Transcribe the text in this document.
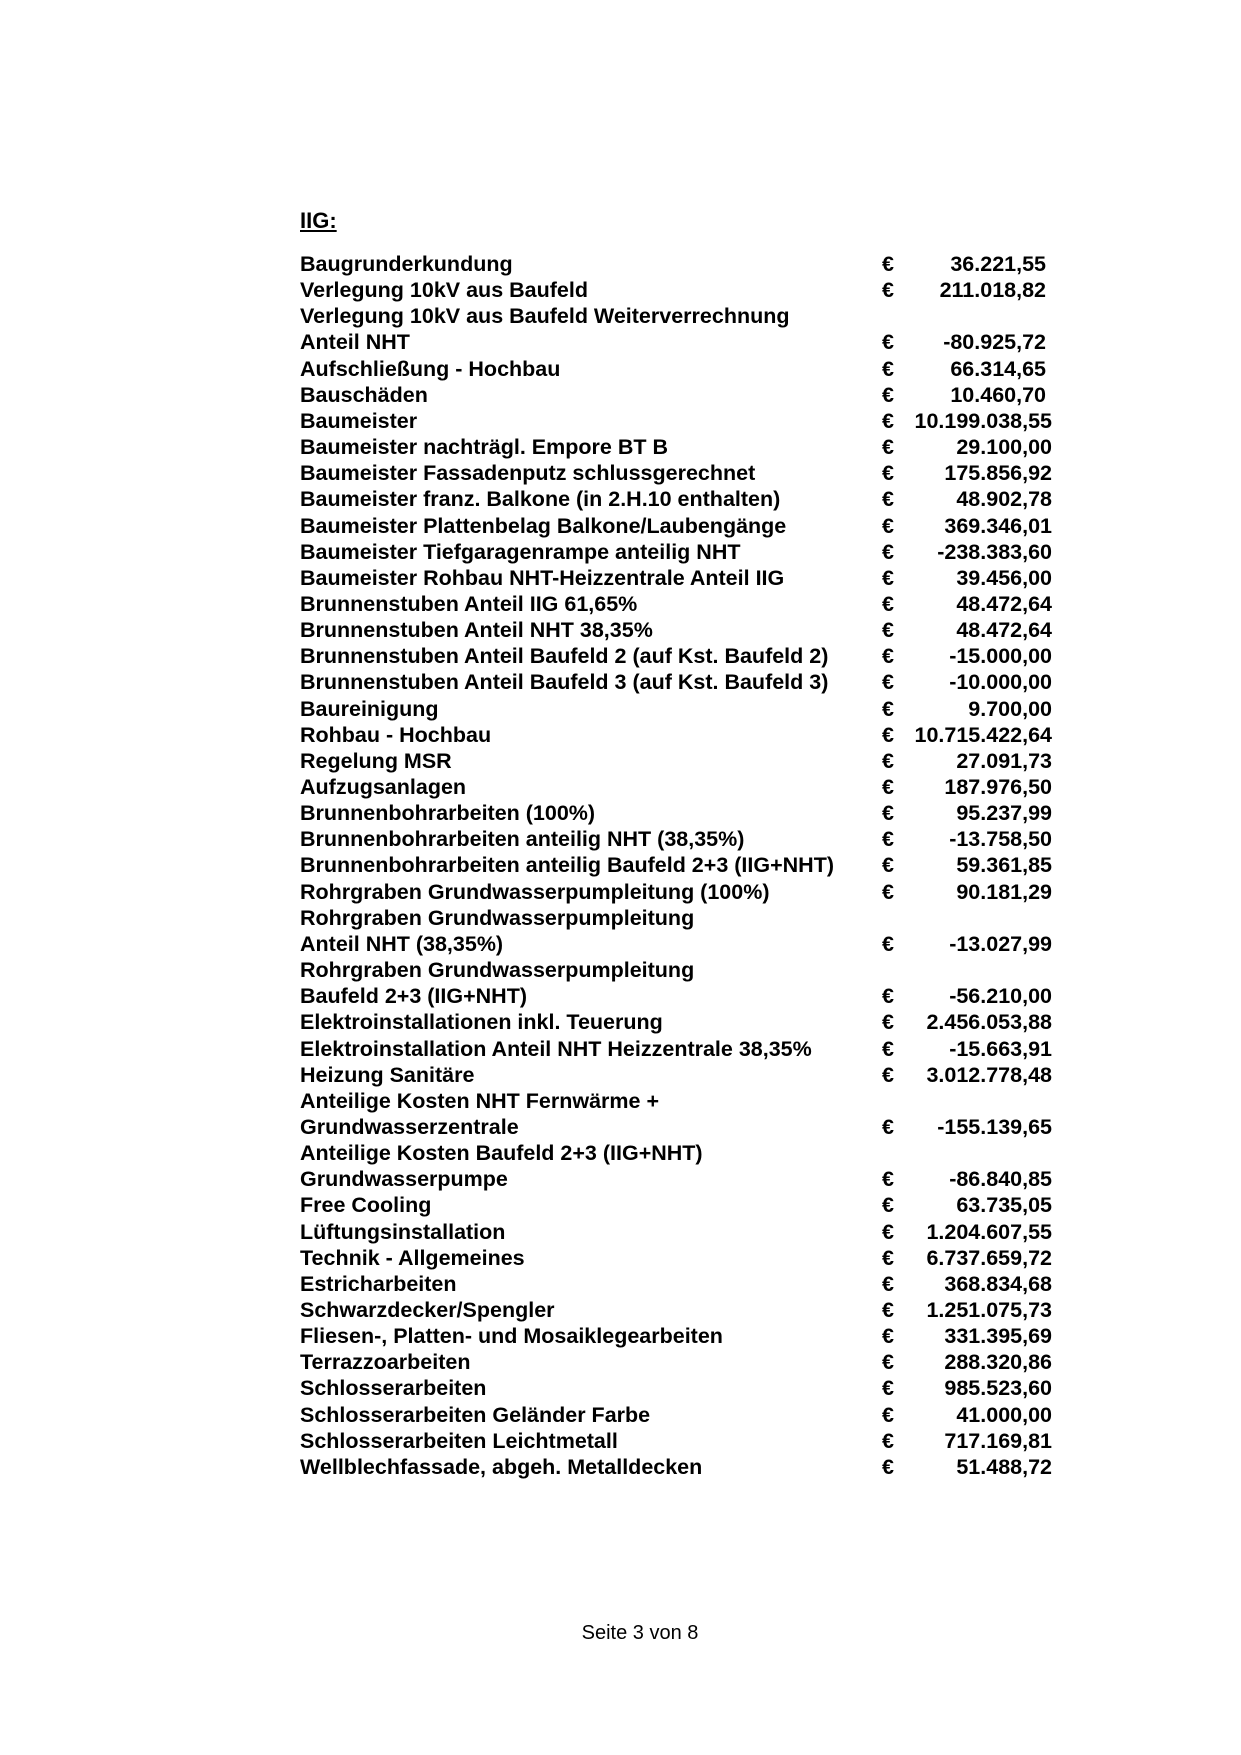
IIG:
Baugrunderkundung	€	36.221,55
Verlegung 10kV aus Baufeld	€ 211.018,82
Verlegung 10kV aus Baufeld Weiterverrechnung
Anteil NHT	€ -80.925,72
Aufschließung - Hochbau	€	66.314,65
Bauschäden	€	10.460,70
Baumeister	€ 10.199.038,55
Baumeister nachträgl. Empore BT B	€	29.100,00
Baumeister Fassadenputz schlussgerechnet	€ 175.856,92
Baumeister franz. Balkone (in 2.H.10 enthalten)	€	48.902,78
Baumeister Plattenbelag Balkone/Laubengänge	€ 369.346,01
Baumeister Tiefgaragenrampe anteilig NHT	€ -238.383,60
Baumeister Rohbau NHT-Heizzentrale Anteil IIG	€	39.456,00
Brunnenstuben Anteil IIG 61,65%	€	48.472,64
Brunnenstuben Anteil NHT 38,35%	€	48.472,64
Brunnenstuben Anteil Baufeld 2 (auf Kst. Baufeld 2) €	-15.000,00
Brunnenstuben Anteil Baufeld 3 (auf Kst. Baufeld 3) €	-10.000,00
Baureinigung	€	9.700,00
Rohbau - Hochbau	€ 10.715.422,64
Regelung MSR	€	27.091,73
Aufzugsanlagen	€ 187.976,50
Brunnenbohrarbeiten (100%)	€	95.237,99
Brunnenbohrarbeiten anteilig NHT (38,35%)	€	-13.758,50
Brunnenbohrarbeiten anteilig Baufeld 2+3 (IIG+NHT) €	59.361,85
Rohrgraben Grundwasserpumpleitung (100%)	€	90.181,29
Rohrgraben Grundwasserpumpleitung
Anteil NHT (38,35%)	€	-13.027,99
Rohrgraben Grundwasserpumpleitung
Baufeld 2+3 (IIG+NHT)	€	-56.210,00
Elektroinstallationen inkl. Teuerung	€ 2.456.053,88
Elektroinstallation Anteil NHT Heizzentrale 38,35%	€	-15.663,91
Heizung Sanitäre	€ 3.012.778,48
Anteilige Kosten NHT Fernwärme +
Grundwasserzentrale	€ -155.139,65
Anteilige Kosten Baufeld 2+3 (IIG+NHT)
Grundwasserpumpe	€	-86.840,85
Free Cooling	€	63.735,05
Lüftungsinstallation	€ 1.204.607,55
Technik - Allgemeines	€ 6.737.659,72
Estricharbeiten	€ 368.834,68
Schwarzdecker/Spengler	€ 1.251.075,73
Fliesen-, Platten- und Mosaiklegearbeiten	€ 331.395,69
Terrazzoarbeiten	€ 288.320,86
Schlosserarbeiten	€ 985.523,60
Schlosserarbeiten Geländer Farbe	€	41.000,00
Schlosserarbeiten Leichtmetall	€ 717.169,81
Wellblechfassade, abgeh. Metalldecken	€	51.488,72
Seite 3 von 8
